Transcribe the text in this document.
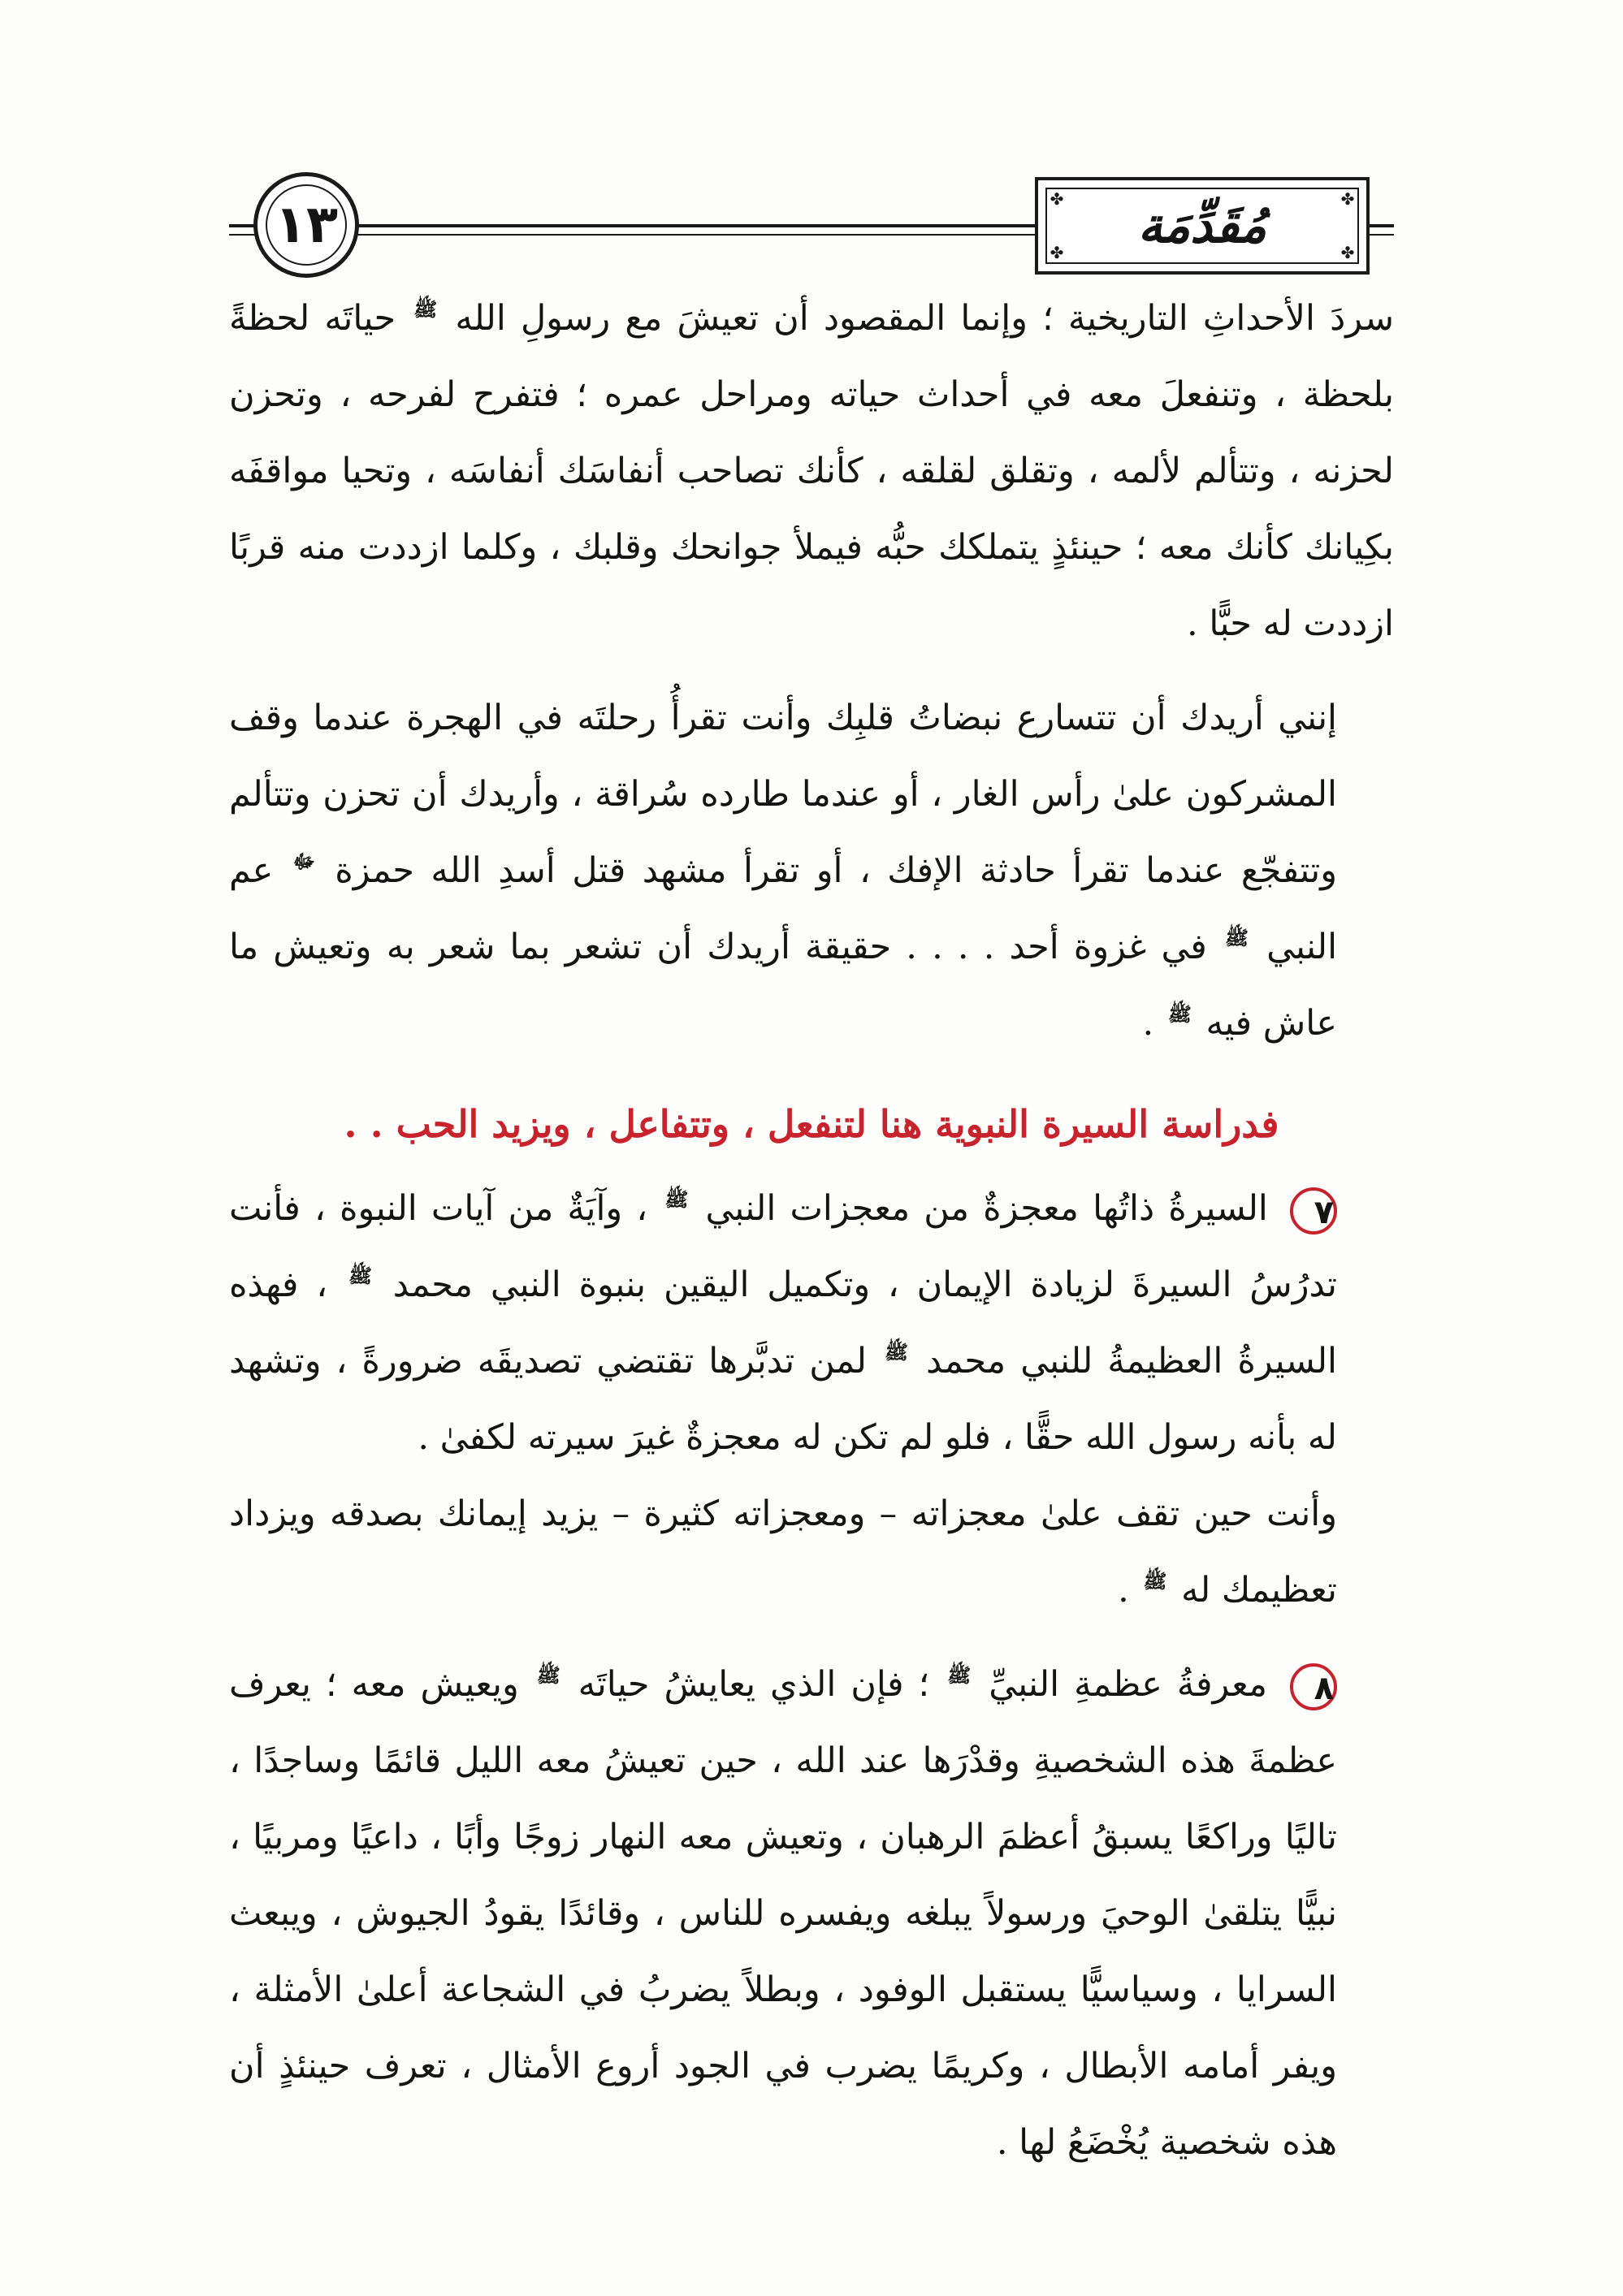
١٣	✤	✤
✤	✤
مُقَدِّمَة

سردَ الأحداثِ التاريخية ؛ وإنما المقصود أن تعيشَ مع رسولِ الله ﷺ حياتَه لحظةً بلحظة ، وتنفعلَ معه في أحداث حياته ومراحل عمره ؛ فتفرح لفرحه ، وتحزن لحزنه ، وتتألم لألمه ، وتقلق لقلقه ، كأنك تصاحب أنفاسَك أنفاسَه ، وتحيا مواقفَه بكِيانك كأنك معه ؛ حينئذٍ يتملكك حبُّه فيملأ جوانحك وقلبك ، وكلما ازددت منه قربًا ازددت له حبًّا .

إنني أريدك أن تتسارع نبضاتُ قلبِك وأنت تقرأُ رحلتَه في الهجرة عندما وقف المشركون علىٰ رأس الغار ، أو عندما طارده سُراقة ، وأريدك أن تحزن وتتألم وتتفجّع عندما تقرأ حادثة الإفك ، أو تقرأ مشهد قتل أسدِ الله حمزة ﷻ عم النبي ﷺ في غزوة أحد . . . . حقيقة أريدك أن تشعر بما شعر به وتعيش ما عاش فيه ﷺ .

فدراسة السيرة النبوية هنا لتنفعل ، وتتفاعل ، ويزيد الحب . .

٧ السيرةُ ذاتُها معجزةٌ من معجزات النبي ﷺ ، وآيَةٌ من آيات النبوة ، فأنت تدرُسُ السيرةَ لزيادة الإيمان ، وتكميل اليقين بنبوة النبي محمد ﷺ ، فهذه السيرةُ العظيمةُ للنبي محمد ﷺ لمن تدبَّرها تقتضي تصديقَه ضرورةً ، وتشهد له بأنه رسول الله حقًّا ، فلو لم تكن له معجزةٌ غيرَ سيرته لكفىٰ .

وأنت حين تقف علىٰ معجزاته – ومعجزاته كثيرة – يزيد إيمانك بصدقه ويزداد تعظيمك له ﷺ .

٨ معرفةُ عظمةِ النبيِّ ﷺ ؛ فإن الذي يعايشُ حياتَه ﷺ ويعيش معه ؛ يعرف عظمةَ هذه الشخصيةِ وقدْرَها عند الله ، حين تعيشُ معه الليل قائمًا وساجدًا ، تاليًا وراكعًا يسبقُ أعظمَ الرهبان ، وتعيش معه النهار زوجًا وأبًا ، داعيًا ومربيًا ، نبيًّا يتلقىٰ الوحيَ ورسولاً يبلغه ويفسره للناس ، وقائدًا يقودُ الجيوش ، ويبعث السرايا ، وسياسيًّا يستقبل الوفود ، وبطلاً يضربُ في الشجاعة أعلىٰ الأمثلة ، ويفر أمامه الأبطال ، وكريمًا يضرب في الجود أروع الأمثال ، تعرف حينئذٍ أن هذه شخصية يُخْضَعُ لها .
